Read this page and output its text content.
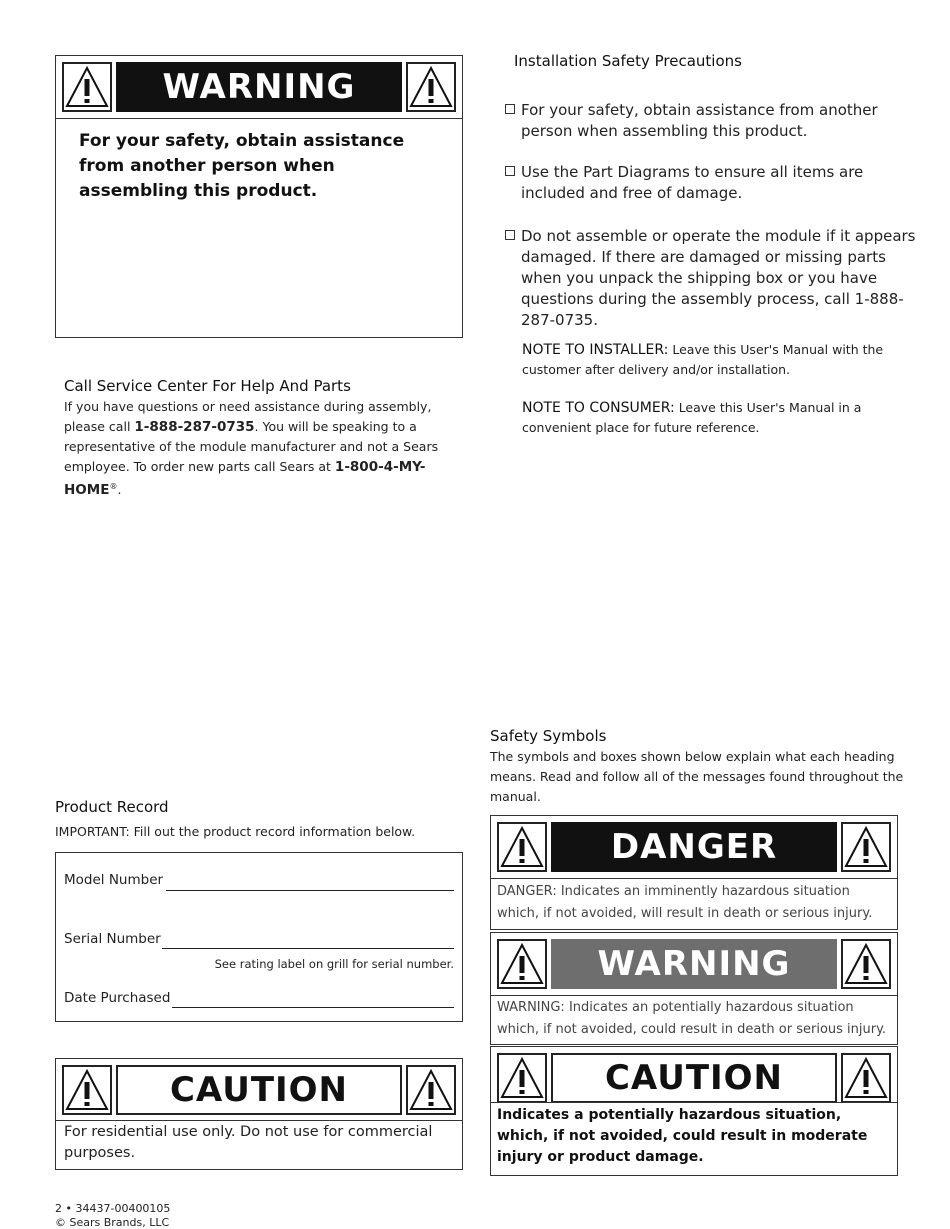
WARNING
For your safety, obtain assistance from another person when assembling this product.
Call Service Center For Help And Parts
If you have questions or need assistance during assembly, please call 1-888-287-0735. You will be speaking to a representative of the module manufacturer and not a Sears employee. To order new parts call Sears at 1-800-4-MY-HOME®.
Installation Safety Precautions
For your safety, obtain assistance from another person when assembling this product.
Use the Part Diagrams to ensure all items are included and free of damage.
Do not assemble or operate the module if it appears damaged. If there are damaged or missing parts when you unpack the shipping box or you have questions during the assembly process, call 1-888-287-0735.
NOTE TO INSTALLER: Leave this User's Manual with the customer after delivery and/or installation.
NOTE TO CONSUMER: Leave this User's Manual in a convenient place for future reference.
Safety Symbols
The symbols and boxes shown below explain what each heading means. Read and follow all of the messages found throughout the manual.
DANGER
DANGER: Indicates an imminently hazardous situation which, if not avoided, will result in death or serious injury.
WARNING
WARNING: Indicates an potentially hazardous situation which, if not avoided, could result in death or serious injury.
CAUTION
Indicates a potentially hazardous situation, which, if not avoided, could result in moderate injury or product damage.
Product Record
IMPORTANT: Fill out the product record information below.
Model Number
Serial Number
See rating label on grill for serial number.
Date Purchased
CAUTION
For residential use only. Do not use for commercial purposes.
2 • 34437-00400105
© Sears Brands, LLC
